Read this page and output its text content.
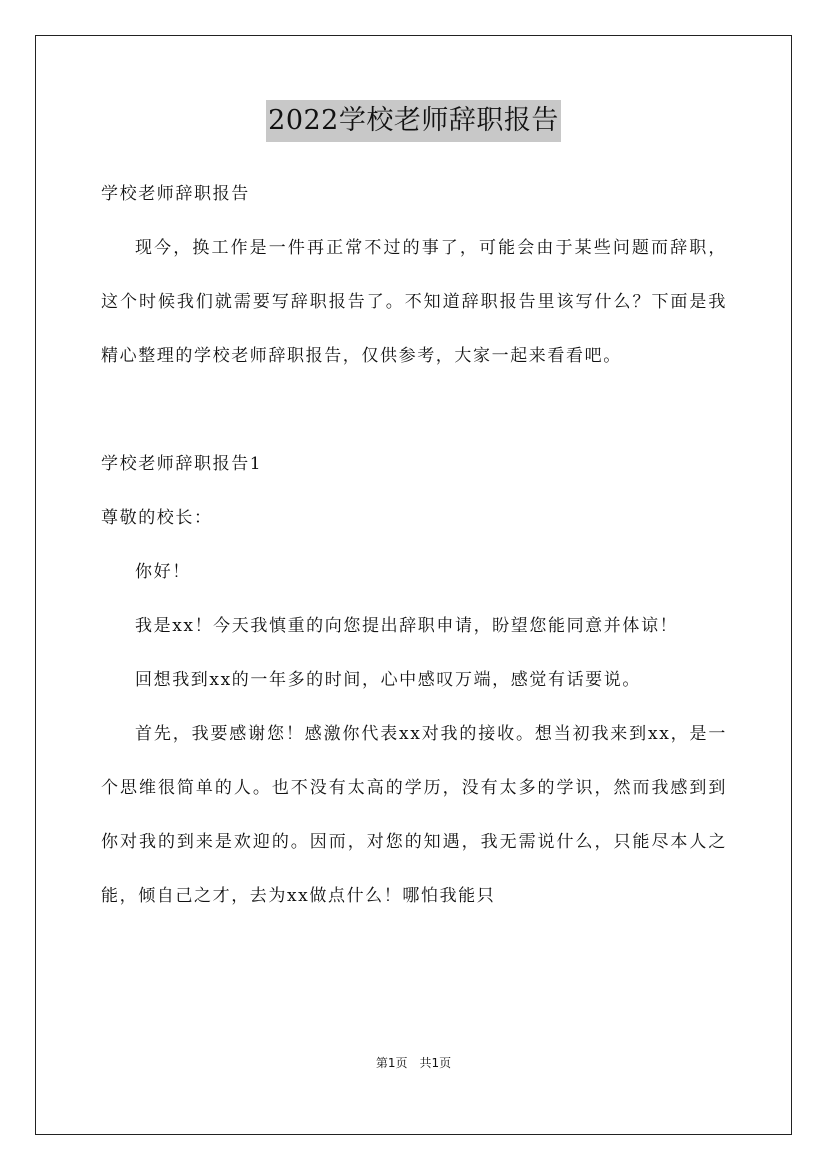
2022学校老师辞职报告

学校老师辞职报告

现今，换工作是一件再正常不过的事了，可能会由于某些问题而辞职，这个时候我们就需要写辞职报告了。不知道辞职报告里该写什么？下面是我精心整理的学校老师辞职报告，仅供参考，大家一起来看看吧。

学校老师辞职报告1

尊敬的校长：

你好！

我是xx！今天我慎重的向您提出辞职申请，盼望您能同意并体谅！

回想我到xx的一年多的时间，心中感叹万端，感觉有话要说。

首先，我要感谢您！感激你代表xx对我的接收。想当初我来到xx，是一个思维很简单的人。也不没有太高的学历，没有太多的学识，然而我感到到你对我的到来是欢迎的。因而，对您的知遇，我无需说什么，只能尽本人之能，倾自己之才，去为xx做点什么！哪怕我能只

第1页 共1页
